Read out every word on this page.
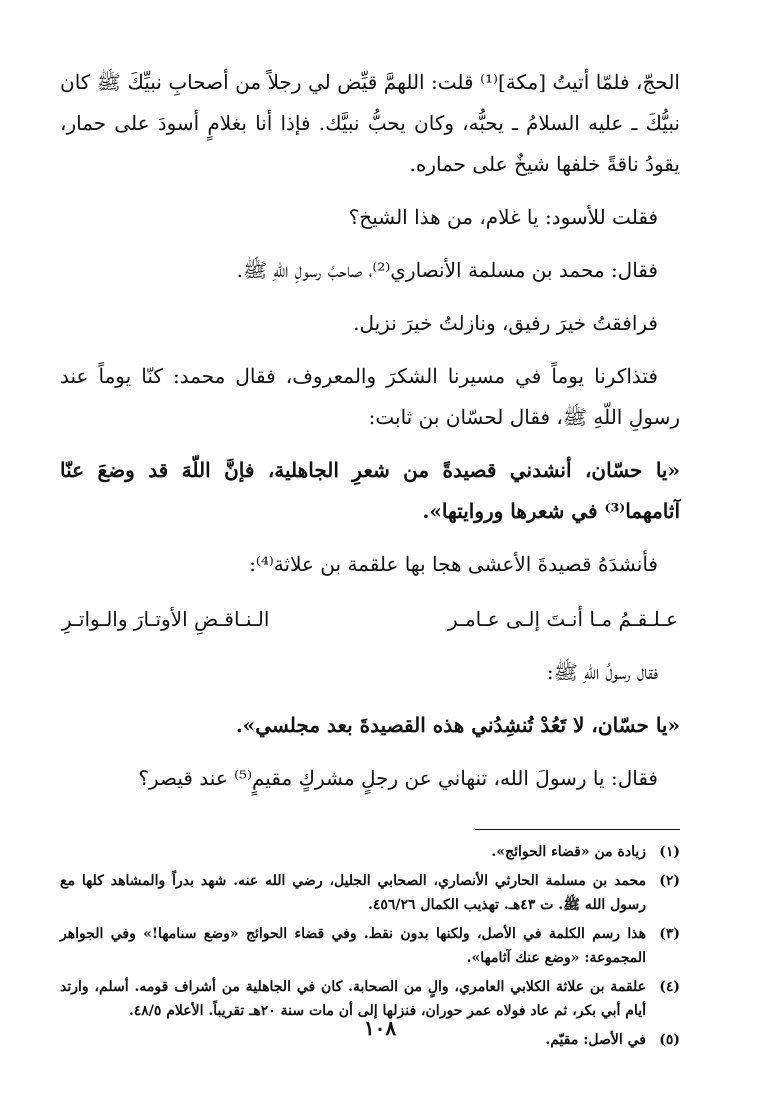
الحجّ، فلمّا أتيتُ [مكة]⁽¹⁾ قلت: اللهمَّ قيِّض لي رجلاً من أصحابِ نبيِّكَ ﷺ كان نبيُّكَ ـ عليه السلامُ ـ يحبُّه، وكان يحبُّ نبيَّك. فإذا أنا بغلامٍ أسودَ على حمار، يقودُ ناقةً خلفها شيخٌ على حماره.

فقلت للأسود: يا غلام، من هذا الشيخ؟

فقال: محمد بن مسلمة الأنصاري⁽²⁾، صاحبُ رسولِ اللّهِ ﷺ.

فرافقتُ خيرَ رفيق، ونازلتُ خيرَ نزيل.

فتذاكرنا يوماً في مسيرنا الشكرَ والمعروف، فقال محمد: كنّا يوماً عند رسولِ اللّهِ ﷺ، فقال لحسّان بن ثابت:

«يا حسّان، أنشدني قصيدةً من شعرِ الجاهلية، فإنَّ اللّهَ قد وضعَ عنّا آثامهما⁽³⁾ في شعرها وروايتها».

فأنشدَهُ قصيدةَ الأعشى هجا بها علقمة بن علاثة⁽⁴⁾:

عـلـقـمُ مـا أنـتَ إلـى عـامـر
الـنـاقـضِ الأوتـارَ والـواتـرِ

فقال رسولُ اللّهِ ﷺ:

«يا حسّان، لا تَعُدْ تُنشِدُني هذه القصيدةَ بعد مجلسي».

فقال: يا رسولَ الله، تنهاني عن رجلٍ مشركٍ مقيمٍ⁽⁵⁾ عند قيصر؟

(١)
زيادة من «قضاء الحوائج».
(٢)
محمد بن مسلمة الحارثي الأنصاري، الصحابي الجليل، رضي الله عنه. شهد بدراً والمشاهد كلها مع رسول الله ﷺ. ت ٤٣هـ. تهذيب الكمال ٤٥٦/٢٦.
(٣)
هذا رسم الكلمة في الأصل، ولكنها بدون نقط. وفي قضاء الحوائج «وضع سنامها!» وفي الجواهر المجموعة: «وضع عنك آثامها».
(٤)
علقمة بن علاثة الكلابي العامري، والٍ من الصحابة. كان في الجاهلية من أشراف قومه. أسلم، وارتد أيام أبي بكر، ثم عاد فولاه عمر حوران، فنزلها إلى أن مات سنة ٢٠هـ تقريباً. الأعلام ٤٨/٥.
(٥)
في الأصل: مقيّم.
١٠٨
